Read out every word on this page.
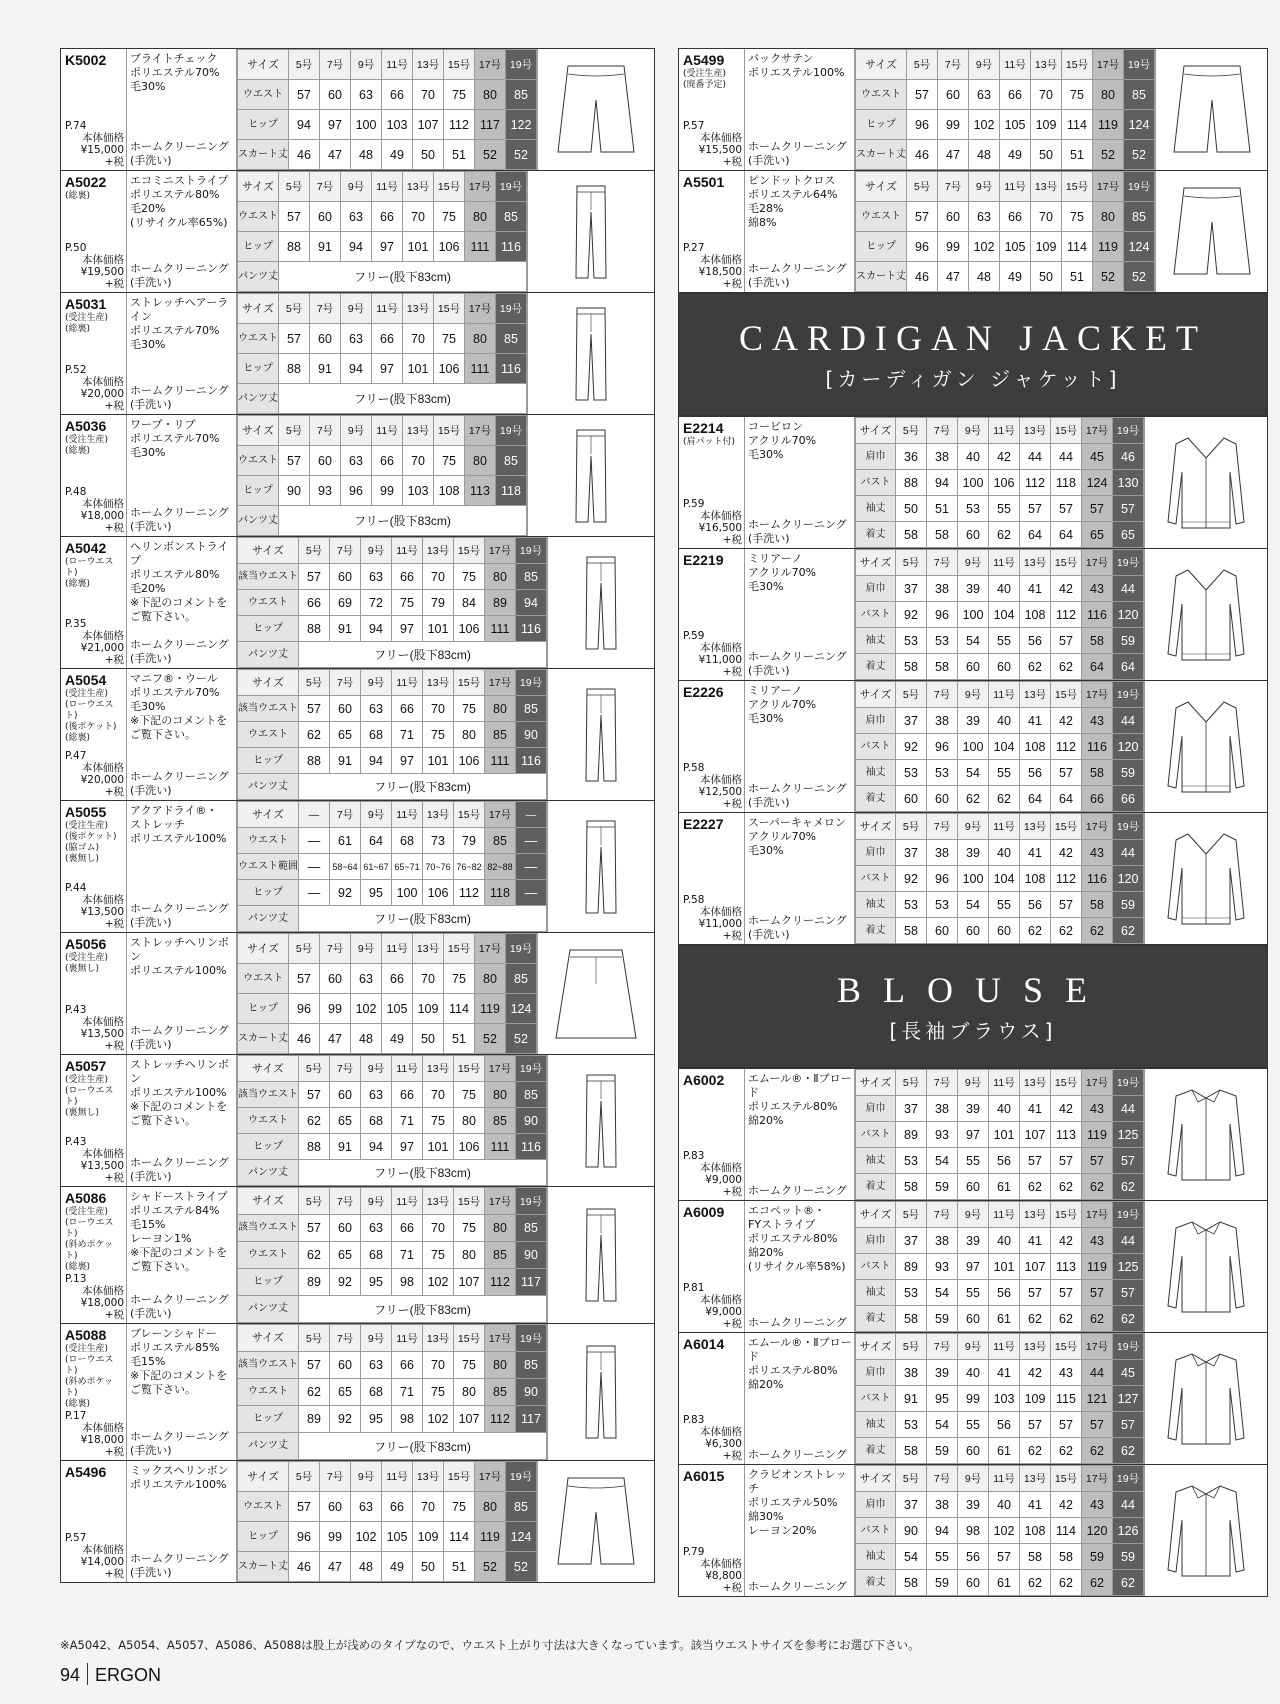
K5002
P.74
本体価格
¥15,000
+税
ブライトチェック
ポリエステル70%
毛30%
ホームクリーニング
(手洗い)
サイズ	5号	7号	9号	11号	13号	15号	17号	19号
ウエスト	57	60	63	66	70	75	80	85
ヒップ	94	97	100	103	107	112	117	122
スカート丈	46	47	48	49	50	51	52	52
A5022
(総裏)
P.50
本体価格
¥19,500
+税
エコミニストライプ
ポリエステル80%
毛20%
(リサイクル率65%)
ホームクリーニング
(手洗い)
サイズ	5号	7号	9号	11号	13号	15号	17号	19号
ウエスト	57	60	63	66	70	75	80	85
ヒップ	88	91	94	97	101	106	111	116
パンツ丈	フリー(股下83cm)							
A5031
(受注生産)
(総裏)
P.52
本体価格
¥20,000
+税
ストレッチヘアーライン
ポリエステル70%
毛30%
ホームクリーニング
(手洗い)
サイズ	5号	7号	9号	11号	13号	15号	17号	19号
ウエスト	57	60	63	66	70	75	80	85
ヒップ	88	91	94	97	101	106	111	116
パンツ丈	フリー(股下83cm)							
A5036
(受注生産)
(総裏)
P.48
本体価格
¥18,000
+税
ワープ・リブ
ポリエステル70%
毛30%
ホームクリーニング
(手洗い)
サイズ	5号	7号	9号	11号	13号	15号	17号	19号
ウエスト	57	60	63	66	70	75	80	85
ヒップ	90	93	96	99	103	108	113	118
パンツ丈	フリー(股下83cm)							
A5042
(ローウエスト)
(総裏)
P.35
本体価格
¥21,000
+税
ヘリンボンストライプ
ポリエステル80%
毛20%
※下記のコメントを
ご覧下さい。
ホームクリーニング
(手洗い)
サイズ	5号	7号	9号	11号	13号	15号	17号	19号
該当ウエスト	57	60	63	66	70	75	80	85
ウエスト	66	69	72	75	79	84	89	94
ヒップ	88	91	94	97	101	106	111	116
パンツ丈	フリー(股下83cm)							
A5054
(受注生産)
(ローウエスト)
(後ポケット)
(総裏)
P.47
本体価格
¥20,000
+税
マニフ®・ウール
ポリエステル70%
毛30%
※下記のコメントを
ご覧下さい。
ホームクリーニング
(手洗い)
サイズ	5号	7号	9号	11号	13号	15号	17号	19号
該当ウエスト	57	60	63	66	70	75	80	85
ウエスト	62	65	68	71	75	80	85	90
ヒップ	88	91	94	97	101	106	111	116
パンツ丈	フリー(股下83cm)							
A5055
(受注生産)
(後ポケット)
(脇ゴム)
(裏無し)
P.44
本体価格
¥13,500
+税
アクアドライ®・
ストレッチ
ポリエステル100%
ホームクリーニング
(手洗い)
サイズ	—	7号	9号	11号	13号	15号	17号	—
ウエスト	—	61	64	68	73	79	85	—
ウエスト範囲	—	58~64	61~67	65~71	70~76	76~82	82~88	—
ヒップ	—	92	95	100	106	112	118	—
パンツ丈	フリー(股下83cm)							
A5056
(受注生産)
(裏無し)
P.43
本体価格
¥13,500
+税
ストレッチヘリンボン
ポリエステル100%
ホームクリーニング
(手洗い)
サイズ	5号	7号	9号	11号	13号	15号	17号	19号
ウエスト	57	60	63	66	70	75	80	85
ヒップ	96	99	102	105	109	114	119	124
スカート丈	46	47	48	49	50	51	52	52
A5057
(受注生産)
(ローウエスト)
(裏無し)
P.43
本体価格
¥13,500
+税
ストレッチヘリンボン
ポリエステル100%
※下記のコメントを
ご覧下さい。
ホームクリーニング
(手洗い)
サイズ	5号	7号	9号	11号	13号	15号	17号	19号
該当ウエスト	57	60	63	66	70	75	80	85
ウエスト	62	65	68	71	75	80	85	90
ヒップ	88	91	94	97	101	106	111	116
パンツ丈	フリー(股下83cm)							
A5086
(受注生産)
(ローウエスト)
(斜めポケット)
(総裏)
P.13
本体価格
¥18,000
+税
シャドーストライプ
ポリエステル84%
毛15%
レーヨン1%
※下記のコメントを
ご覧下さい。
ホームクリーニング
(手洗い)
サイズ	5号	7号	9号	11号	13号	15号	17号	19号
該当ウエスト	57	60	63	66	70	75	80	85
ウエスト	62	65	68	71	75	80	85	90
ヒップ	89	92	95	98	102	107	112	117
パンツ丈	フリー(股下83cm)							
A5088
(受注生産)
(ローウエスト)
(斜めポケット)
(総裏)
P.17
本体価格
¥18,000
+税
ブレーンシャドー
ポリエステル85%
毛15%
※下記のコメントを
ご覧下さい。
ホームクリーニング
(手洗い)
サイズ	5号	7号	9号	11号	13号	15号	17号	19号
該当ウエスト	57	60	63	66	70	75	80	85
ウエスト	62	65	68	71	75	80	85	90
ヒップ	89	92	95	98	102	107	112	117
パンツ丈	フリー(股下83cm)							
A5496
P.57
本体価格
¥14,000
+税
ミックスヘリンボン
ポリエステル100%
ホームクリーニング
(手洗い)
サイズ	5号	7号	9号	11号	13号	15号	17号	19号
ウエスト	57	60	63	66	70	75	80	85
ヒップ	96	99	102	105	109	114	119	124
スカート丈	46	47	48	49	50	51	52	52
A5499
(受注生産)
(廃番予定)
P.57
本体価格
¥15,500
+税
バックサテン
ポリエステル100%
ホームクリーニング
(手洗い)
サイズ	5号	7号	9号	11号	13号	15号	17号	19号
ウエスト	57	60	63	66	70	75	80	85
ヒップ	96	99	102	105	109	114	119	124
スカート丈	46	47	48	49	50	51	52	52
A5501
P.27
本体価格
¥18,500
+税
ピンドットクロス
ポリエステル64%
毛28%
綿8%
ホームクリーニング
(手洗い)
サイズ	5号	7号	9号	11号	13号	15号	17号	19号
ウエスト	57	60	63	66	70	75	80	85
ヒップ	96	99	102	105	109	114	119	124
スカート丈	46	47	48	49	50	51	52	52
CARDIGAN JACKET
[カーディガン ジャケット]
E2214
(肩パット付)
P.59
本体価格
¥16,500
+税
コービロン
アクリル70%
毛30%
ホームクリーニング
(手洗い)
サイズ	5号	7号	9号	11号	13号	15号	17号	19号
肩巾	36	38	40	42	44	44	45	46
バスト	88	94	100	106	112	118	124	130
袖丈	50	51	53	55	57	57	57	57
着丈	58	58	60	62	64	64	65	65
E2219
P.59
本体価格
¥11,000
+税
ミリアーノ
アクリル70%
毛30%
ホームクリーニング
(手洗い)
サイズ	5号	7号	9号	11号	13号	15号	17号	19号
肩巾	37	38	39	40	41	42	43	44
バスト	92	96	100	104	108	112	116	120
袖丈	53	53	54	55	56	57	58	59
着丈	58	58	60	60	62	62	64	64
E2226
P.58
本体価格
¥12,500
+税
ミリアーノ
アクリル70%
毛30%
ホームクリーニング
(手洗い)
サイズ	5号	7号	9号	11号	13号	15号	17号	19号
肩巾	37	38	39	40	41	42	43	44
バスト	92	96	100	104	108	112	116	120
袖丈	53	53	54	55	56	57	58	59
着丈	60	60	62	62	64	64	66	66
E2227
P.58
本体価格
¥11,000
+税
スーパーキャメロン
アクリル70%
毛30%
ホームクリーニング
(手洗い)
サイズ	5号	7号	9号	11号	13号	15号	17号	19号
肩巾	37	38	39	40	41	42	43	44
バスト	92	96	100	104	108	112	116	120
袖丈	53	53	54	55	56	57	58	59
着丈	58	60	60	60	62	62	62	62
BLOUSE
[長袖ブラウス]
A6002
P.83
本体価格
¥9,000
+税
エムール®・Ⅱブロード
ポリエステル80%
綿20%
ホームクリーニング
サイズ	5号	7号	9号	11号	13号	15号	17号	19号
肩巾	37	38	39	40	41	42	43	44
バスト	89	93	97	101	107	113	119	125
袖丈	53	54	55	56	57	57	57	57
着丈	58	59	60	61	62	62	62	62
A6009
P.81
本体価格
¥9,000
+税
エコペット®・
FYストライプ
ポリエステル80%
綿20%
(リサイクル率58%)
ホームクリーニング
サイズ	5号	7号	9号	11号	13号	15号	17号	19号
肩巾	37	38	39	40	41	42	43	44
バスト	89	93	97	101	107	113	119	125
袖丈	53	54	55	56	57	57	57	57
着丈	58	59	60	61	62	62	62	62
A6014
P.83
本体価格
¥6,300
+税
エムール®・Ⅱブロード
ポリエステル80%
綿20%
ホームクリーニング
サイズ	5号	7号	9号	11号	13号	15号	17号	19号
肩巾	38	39	40	41	42	43	44	45
バスト	91	95	99	103	109	115	121	127
袖丈	53	54	55	56	57	57	57	57
着丈	58	59	60	61	62	62	62	62
A6015
P.79
本体価格
¥8,800
+税
クラビオンストレッチ
ポリエステル50%
綿30%
レーヨン20%
ホームクリーニング
サイズ	5号	7号	9号	11号	13号	15号	17号	19号
肩巾	37	38	39	40	41	42	43	44
バスト	90	94	98	102	108	114	120	126
袖丈	54	55	56	57	58	58	59	59
着丈	58	59	60	61	62	62	62	62
※A5042、A5054、A5057、A5086、A5088は股上が浅めのタイプなので、ウエスト上がり寸法は大きくなっています。該当ウエストサイズを参考にお選び下さい。
94 ERGON
